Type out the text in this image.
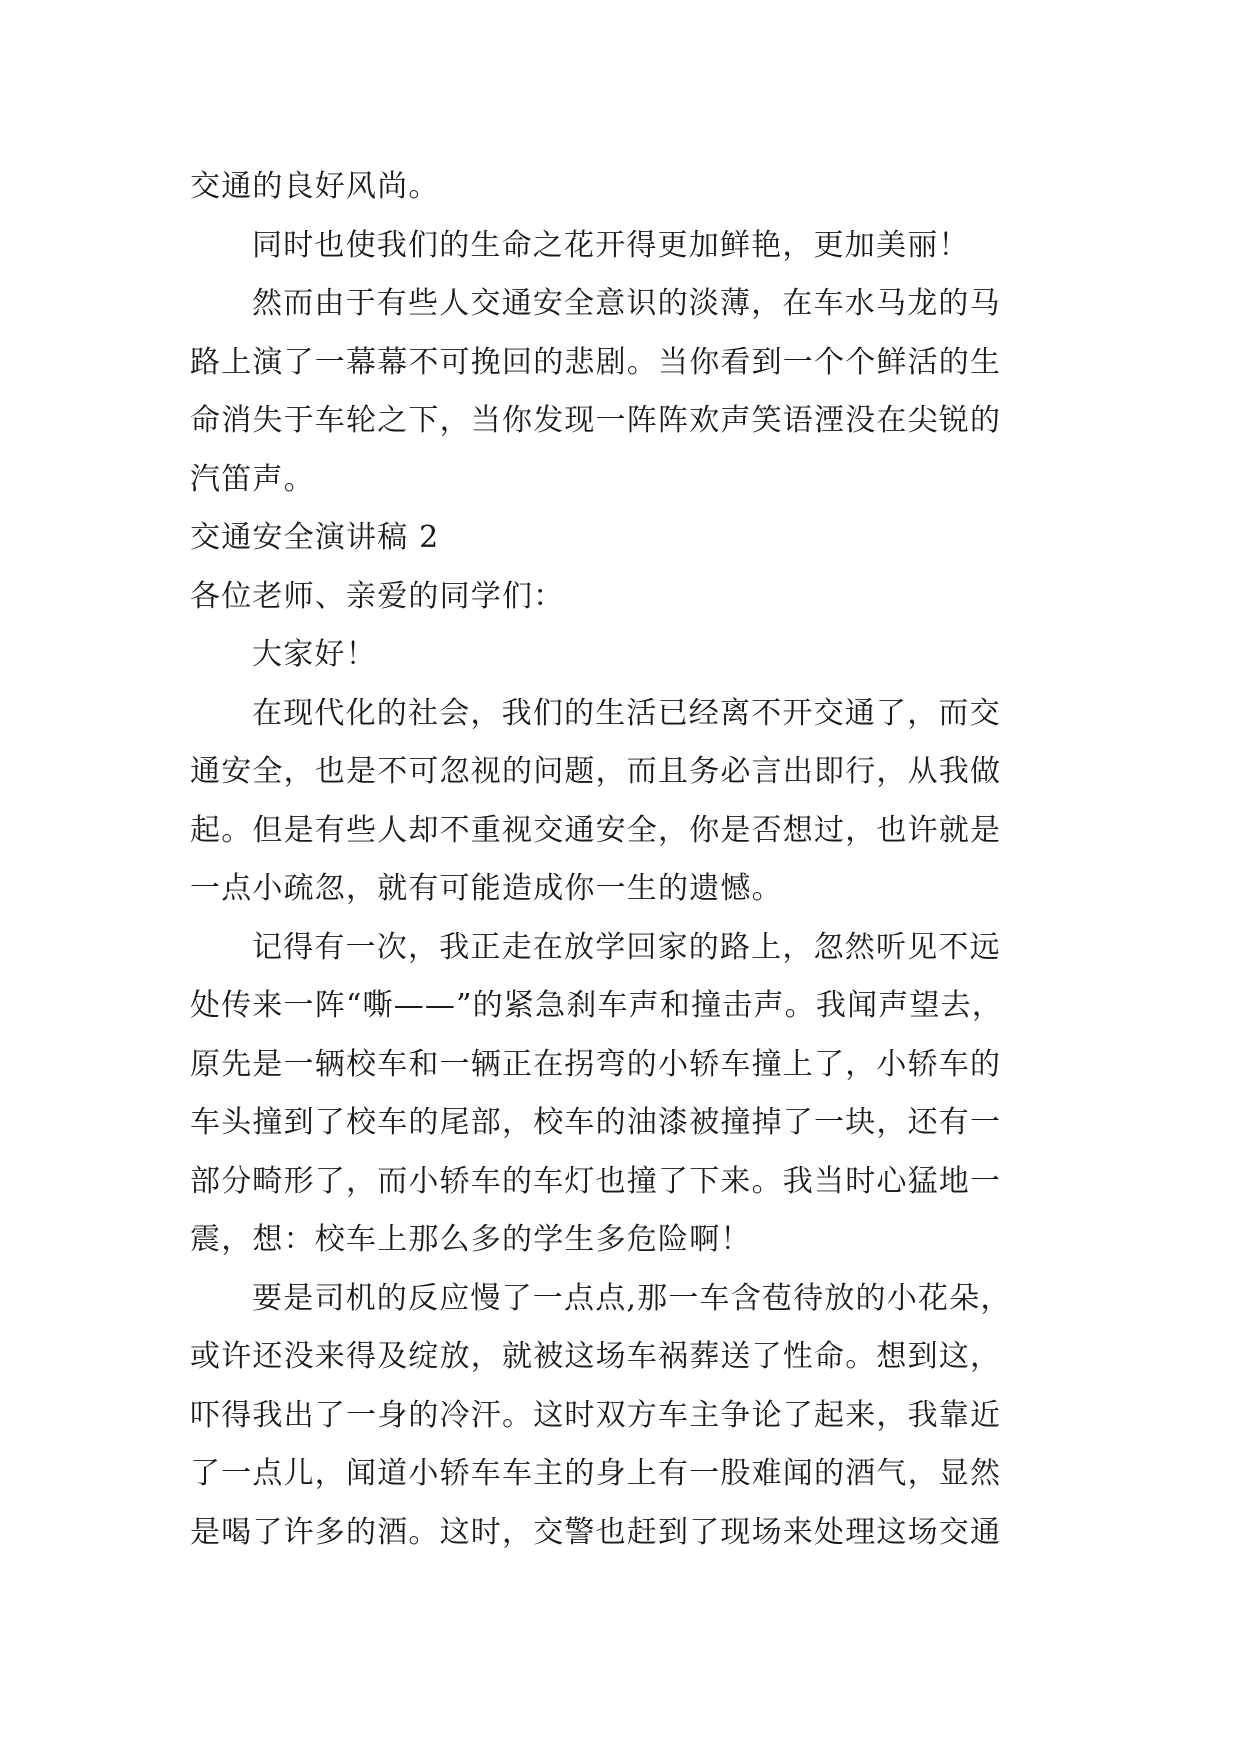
交通的良好风尚。
同时也使我们的生命之花开得更加鲜艳，更加美丽！
然而由于有些人交通安全意识的淡薄，在车水马龙的马
路上演了一幕幕不可挽回的悲剧。当你看到一个个鲜活的生
命消失于车轮之下，当你发现一阵阵欢声笑语湮没在尖锐的
汽笛声。
交通安全演讲稿 2
各位老师、亲爱的同学们：
大家好！
在现代化的社会，我们的生活已经离不开交通了，而交
通安全，也是不可忽视的问题，而且务必言出即行，从我做
起。但是有些人却不重视交通安全，你是否想过，也许就是
一点小疏忽，就有可能造成你一生的遗憾。
记得有一次，我正走在放学回家的路上，忽然听见不远
处传来一阵“嘶——”的紧急刹车声和撞击声。我闻声望去，
原先是一辆校车和一辆正在拐弯的小轿车撞上了，小轿车的
车头撞到了校车的尾部，校车的油漆被撞掉了一块，还有一
部分畸形了，而小轿车的车灯也撞了下来。我当时心猛地一
震，想：校车上那么多的学生多危险啊！
要是司机的反应慢了一点点,那一车含苞待放的小花朵，
或许还没来得及绽放，就被这场车祸葬送了性命。想到这，
吓得我出了一身的冷汗。这时双方车主争论了起来，我靠近
了一点儿，闻道小轿车车主的身上有一股难闻的酒气，显然
是喝了许多的酒。这时，交警也赶到了现场来处理这场交通
